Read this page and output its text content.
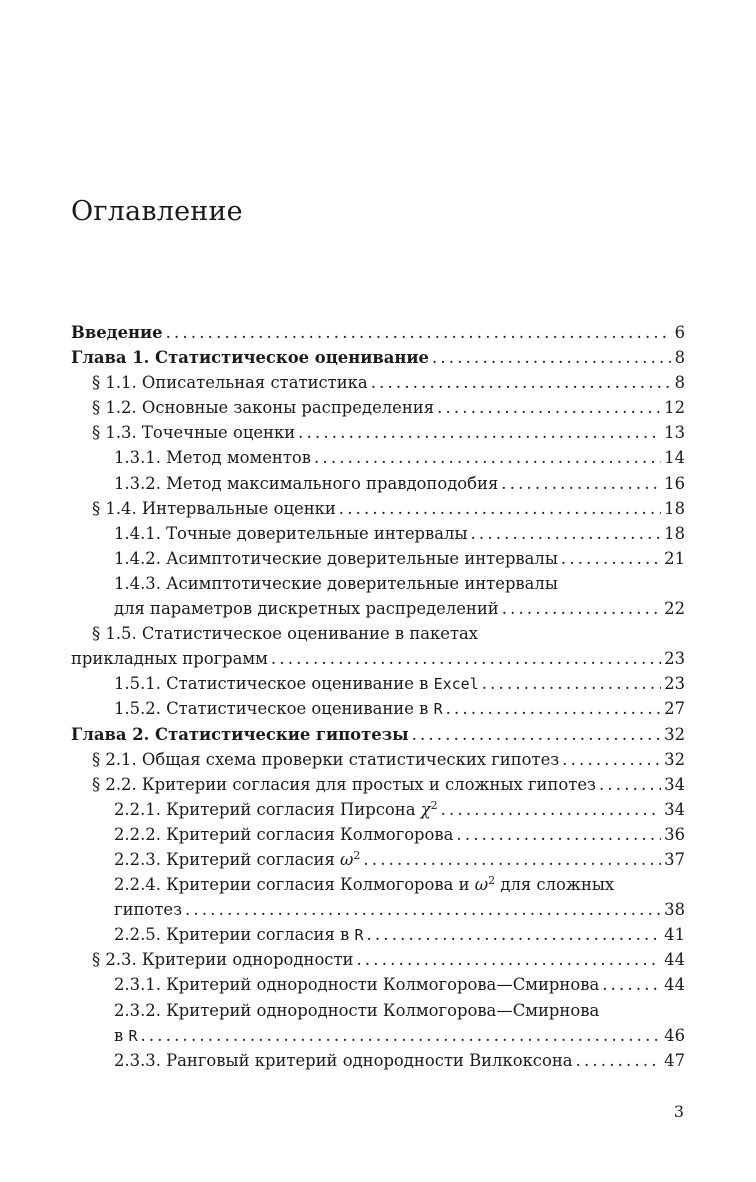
Оглавление
Введение .....	6
Глава 1. Статистическое оценивание .....	8
§ 1.1. Описательная статистика .....	8
§ 1.2. Основные законы распределения .....	12
§ 1.3. Точечные оценки .....	13
1.3.1. Метод моментов .....	14
1.3.2. Метод максимального правдоподобия .....	16
§ 1.4. Интервальные оценки .....	18
1.4.1. Точные доверительные интервалы .....	18
1.4.2. Асимптотические доверительные интервалы .....	21
1.4.3. Асимптотические доверительные интервалы
для параметров дискретных распределений .....	22
§ 1.5. Статистическое оценивание в пакетах
прикладных программ .....	23
1.5.1. Статистическое оценивание в Excel .....	23
1.5.2. Статистическое оценивание в R .....	27
Глава 2. Статистические гипотезы .....	32
§ 2.1. Общая схема проверки статистических гипотез .....	32
§ 2.2. Критерии согласия для простых и сложных гипотез .....	34
2.2.1. Критерий согласия Пирсона $\chi^2$ .....	34
2.2.2. Критерий согласия Колмогорова .....	36
2.2.3. Критерий согласия $\omega^2$ .....	37
2.2.4. Критерии согласия Колмогорова и $\omega^2$ для сложных
гипотез .....	38
2.2.5. Критерии согласия в R .....	41
§ 2.3. Критерии однородности .....	44
2.3.1. Критерий однородности Колмогорова—Смирнова .....	44
2.3.2. Критерий однородности Колмогорова—Смирнова
в R .....	46
2.3.3. Ранговый критерий однородности Вилкоксона .....	47
3
